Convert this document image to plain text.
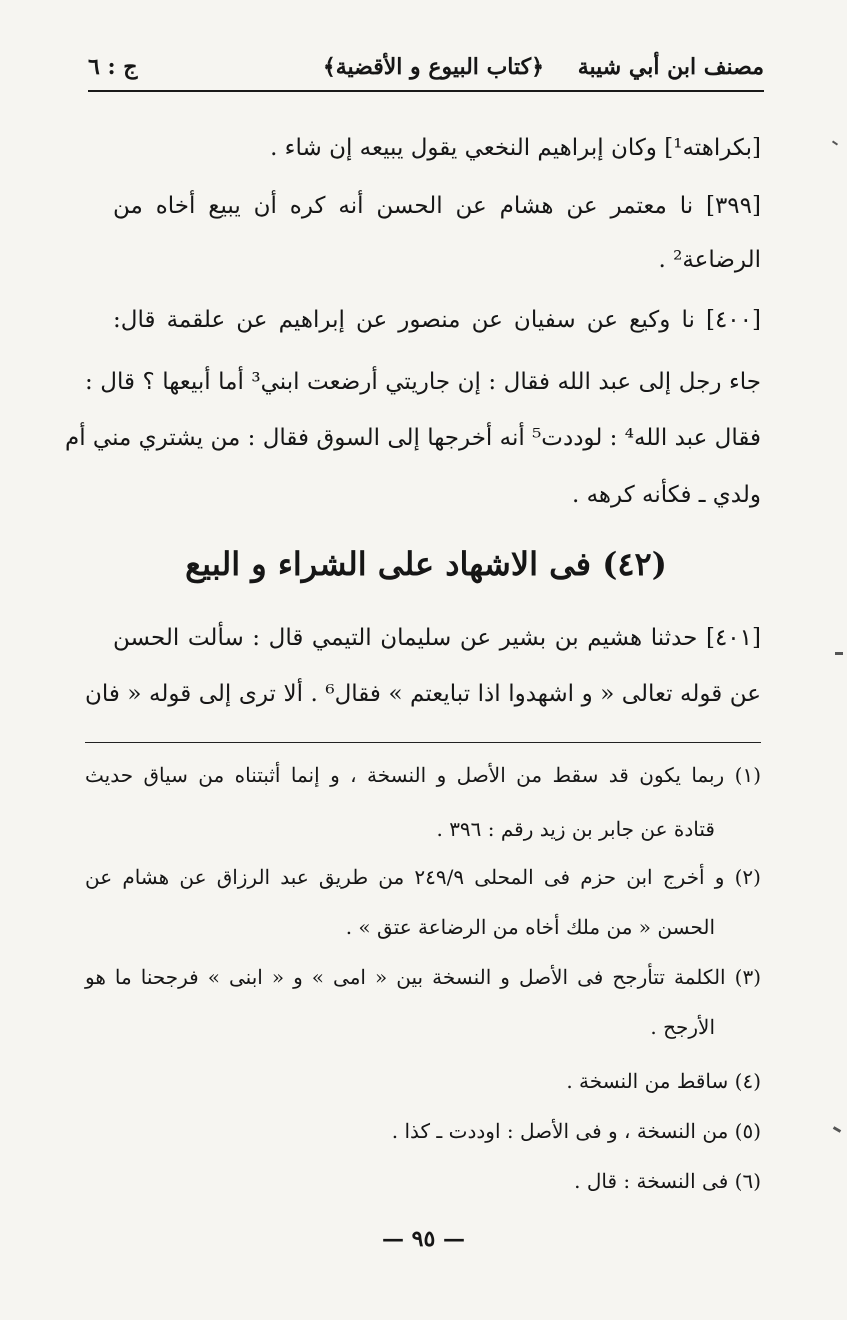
مصنف ابن أبي شيبة
﴿كتاب البيوع و الأقضية﴾
ج : ٦
[بكراهته¹] وكان إبراهيم النخعي يقول يبيعه إن شاء .
[٣٩٩] نا معتمر عن هشام عن الحسن أنه كره أن يبيع أخاه من
الرضاعة² .
[٤٠٠] نا وكيع عن سفيان عن منصور عن إبراهيم عن علقمة قال:
جاء رجل إلى عبد الله فقال : إن جاريتي أرضعت ابني³ أما أبيعها ؟ قال :
فقال عبد الله⁴ : لوددت⁵ أنه أخرجها إلى السوق فقال : من يشتري مني أم
ولدي ـ فكأنه كرهه .
(٤٢) فى الاشهاد على الشراء و البيع
[٤٠١] حدثنا هشيم بن بشير عن سليمان التيمي قال : سألت الحسن
عن قوله تعالى « و اشهدوا اذا تبايعتم » فقال⁶ . ألا ترى إلى قوله « فان
(١) ربما يكون قد سقط من الأصل و النسخة ، و إنما أثبتناه من سياق حديث
قتادة عن جابر بن زيد رقم : ٣٩٦ .
(٢) و أخرج ابن حزم فى المحلى ٢٤٩/٩ من طريق عبد الرزاق عن هشام عن
الحسن « من ملك أخاه من الرضاعة عتق » .
(٣) الكلمة تتأرجح فى الأصل و النسخة بين « امى » و « ابنى » فرجحنا ما هو
الأرجح .
(٤) ساقط من النسخة .
(٥) من النسخة ، و فى الأصل : اوددت ـ كذا .
(٦) فى النسخة : قال .
— ٩٥ —
